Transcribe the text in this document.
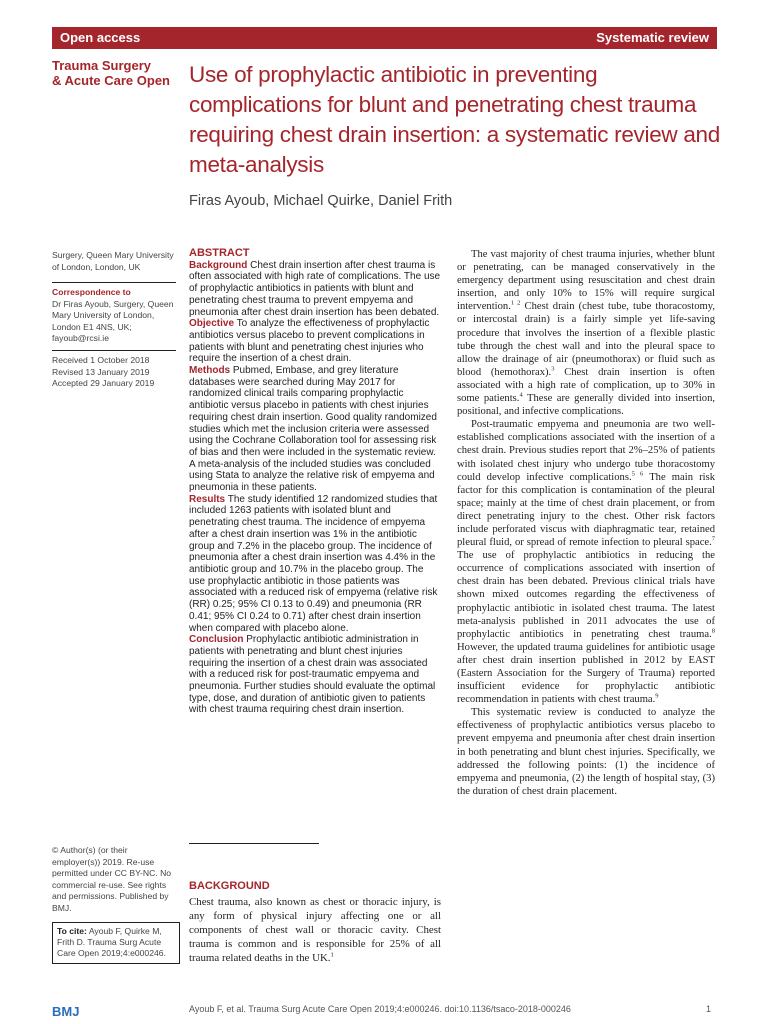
Open access	Systematic review
Trauma Surgery
& Acute Care Open Use of prophylactic antibiotic in preventing complications for blunt and penetrating chest trauma requiring chest drain insertion: a systematic review and meta-analysis
Firas Ayoub, Michael Quirke, Daniel Frith
Surgery, Queen Mary University of London, London, UK
Correspondence to
Dr Firas Ayoub, Surgery, Queen Mary University of London, London E1 4NS, UK; fayoub@rcsi.ie
Received 1 October 2018
Revised 13 January 2019
Accepted 29 January 2019
© Author(s) (or their employer(s)) 2019. Re-use permitted under CC BY-NC. No commercial re-use. See rights and permissions. Published by BMJ.
To cite: Ayoub F, Quirke M, Frith D. Trauma Surg Acute Care Open 2019;4:e000246.

ABSTRACT

Background Chest drain insertion after chest trauma is often associated with high rate of complications. The use of prophylactic antibiotics in patients with blunt and penetrating chest trauma to prevent empyema and pneumonia after chest drain insertion has been debated.

Objective To analyze the effectiveness of prophylactic antibiotics versus placebo to prevent complications in patients with blunt and penetrating chest injuries who require the insertion of a chest drain.

Methods Pubmed, Embase, and grey literature databases were searched during May 2017 for randomized clinical trails comparing prophylactic antibiotic versus placebo in patients with chest injuries requiring chest drain insertion. Good quality randomized studies which met the inclusion criteria were assessed using the Cochrane Collaboration tool for assessing risk of bias and then were included in the systematic review. A meta-analysis of the included studies was concluded using Stata to analyze the relative risk of empyema and pneumonia in these patients.

Results The study identified 12 randomized studies that included 1263 patients with isolated blunt and penetrating chest trauma. The incidence of empyema after a chest drain insertion was 1% in the antibiotic group and 7.2% in the placebo group. The incidence of pneumonia after a chest drain insertion was 4.4% in the antibiotic group and 10.7% in the placebo group. The use prophylactic antibiotic in those patients was associated with a reduced risk of empyema (relative risk (RR) 0.25; 95% CI 0.13 to 0.49) and pneumonia (RR 0.41; 95% CI 0.24 to 0.71) after chest drain insertion when compared with placebo alone.

Conclusion Prophylactic antibiotic administration in patients with penetrating and blunt chest injuries requiring the insertion of a chest drain was associated with a reduced risk for post-traumatic empyema and pneumonia. Further studies should evaluate the optimal type, dose, and duration of antibiotic given to patients with chest trauma requiring chest drain insertion.

BACKGROUND
Chest trauma, also known as chest or thoracic injury, is any form of physical injury affecting one or all components of chest wall or thoracic cavity. Chest trauma is common and is responsible for 25% of all trauma related deaths in the UK.$^1$

The vast majority of chest trauma injuries, whether blunt or penetrating, can be managed conservatively in the emergency department using resuscitation and chest drain insertion, and only 10% to 15% will require surgical intervention.$^{1 2}$ Chest drain (chest tube, tube thoracostomy, or intercostal drain) is a fairly simple yet life-saving procedure that involves the insertion of a flexible plastic tube through the chest wall and into the pleural space to allow the drainage of air (pneumothorax) or fluid such as blood (hemothorax).$^3$ Chest drain insertion is often associated with a high rate of complication, up to 30% in some patients.$^4$ These are generally divided into insertion, positional, and infective complications.

Post-traumatic empyema and pneumonia are two well-established complications associated with the insertion of a chest drain. Previous studies report that 2%–25% of patients with isolated chest injury who undergo tube thoracostomy could develop infective complications.$^{5 6}$ The main risk factor for this complication is contamination of the pleural space; mainly at the time of chest drain placement, or from direct penetrating injury to the chest. Other risk factors include perforated viscus with diaphragmatic tear, retained pleural fluid, or spread of remote infection to pleural space.$^7$ The use of prophylactic antibiotics in reducing the occurrence of complications associated with insertion of chest drain has been debated. Previous clinical trials have shown mixed outcomes regarding the effectiveness of prophylactic antibiotic in isolated chest trauma. The latest meta-analysis published in 2011 advocates the use of prophylactic antibiotics in penetrating chest trauma.$^8$ However, the updated trauma guidelines for antibiotic usage after chest drain insertion published in 2012 by EAST (Eastern Association for the Surgery of Trauma) reported insufficient evidence for prophylactic antibiotic recommendation in patients with chest trauma.$^9$

This systematic review is conducted to analyze the effectiveness of prophylactic antibiotics versus placebo to prevent empyema and pneumonia after chest drain insertion in both penetrating and blunt chest injuries. Specifically, we addressed the following points: (1) the incidence of empyema and pneumonia, (2) the length of hospital stay, (3) the duration of chest drain placement.

BMJ	Ayoub F, et al. Trauma Surg Acute Care Open 2019;4:e000246. doi:10.1136/tsaco-2018-000246	1
